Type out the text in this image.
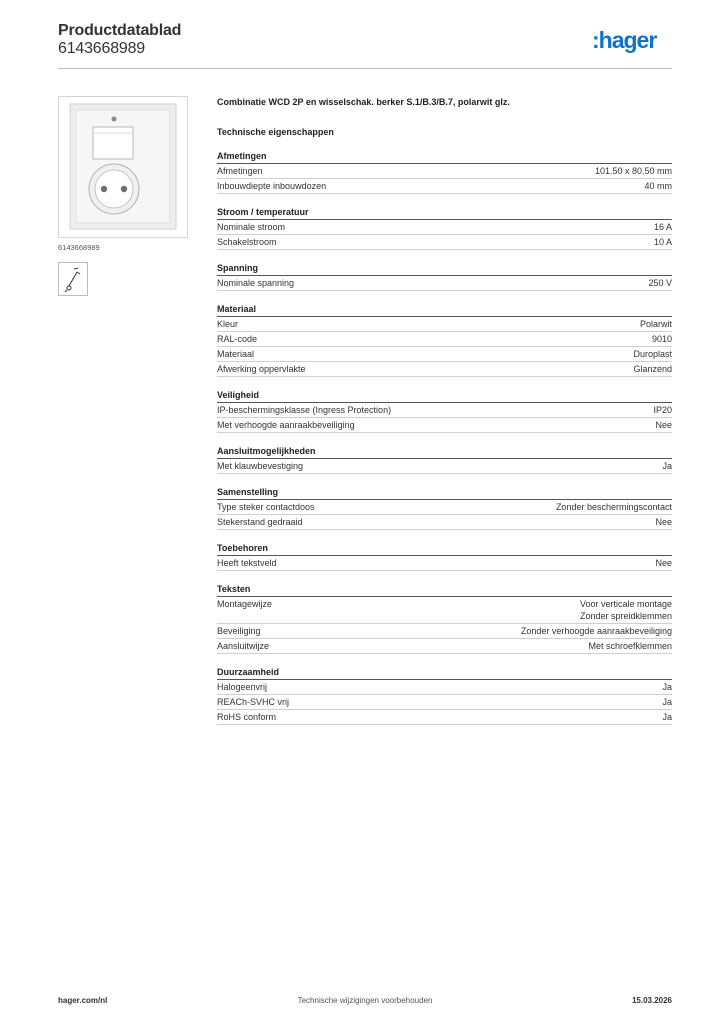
Productdatablad
6143668989	:hager
6143668989
Combinatie WCD 2P en wisselschak. berker S.1/B.3/B.7, polarwit glz.
Technische eigenschappen
Afmetingen
Afmetingen	101.50 x 80.50 mm
Inbouwdiepte inbouwdozen	40 mm
Stroom / temperatuur
Nominale stroom	16 A
Schakelstroom	10 A
Spanning
Nominale spanning	250 V
Materiaal
Kleur	Polarwit
RAL-code	9010
Materiaal	Duroplast
Afwerking oppervlakte	Glanzend
Veiligheid
IP-beschermingsklasse (Ingress Protection)	IP20
Met verhoogde aanraakbeveiliging	Nee
Aansluitmogelijkheden
Met klauwbevestiging	Ja
Samenstelling
Type steker contactdoos	Zonder beschermingscontact
Stekerstand gedraaid	Nee
Toebehoren
Heeft tekstveld	Nee
Teksten
Montagewijze	Voor verticale montage
Zonder spreidklemmen
Beveiliging	Zonder verhoogde aanraakbeveiliging
Aansluitwijze	Met schroefklemmen
Duurzaamheid
Halogeenvrij	Ja
REACh-SVHC vrij	Ja
RoHS conform	Ja
hager.com/nl	Technische wijzigingen voorbehouden	15.03.2026
